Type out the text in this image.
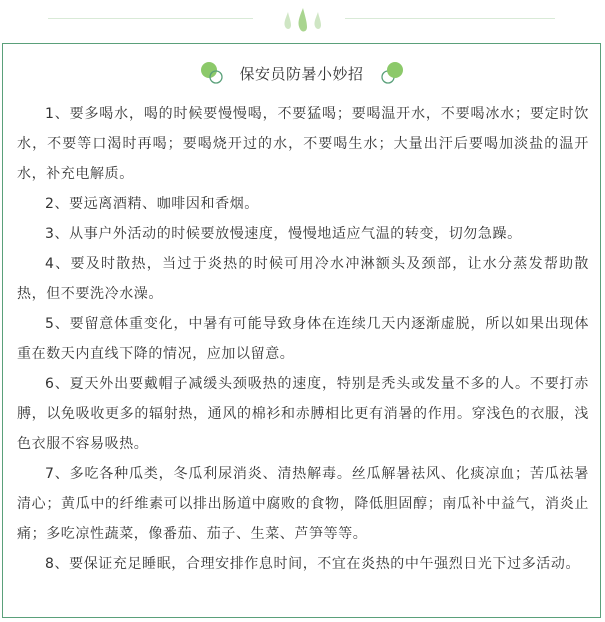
保安员防暑小妙招

1、要多喝水，喝的时候要慢慢喝，不要猛喝；要喝温开水，不要喝冰水；要定时饮水，不要等口渴时再喝；要喝烧开过的水，不要喝生水；大量出汗后要喝加淡盐的温开水，补充电解质。

2、要远离酒精、咖啡因和香烟。

3、从事户外活动的时候要放慢速度，慢慢地适应气温的转变，切勿急躁。

4、要及时散热，当过于炎热的时候可用冷水冲淋额头及颈部，让水分蒸发帮助散热，但不要洗冷水澡。

5、要留意体重变化，中暑有可能导致身体在连续几天内逐渐虚脱，所以如果出现体重在数天内直线下降的情况，应加以留意。

6、夏天外出要戴帽子减缓头颈吸热的速度，特别是秃头或发量不多的人。不要打赤膊，以免吸收更多的辐射热，通风的棉衫和赤膊相比更有消暑的作用。穿浅色的衣服，浅色衣服不容易吸热。

7、多吃各种瓜类，冬瓜利尿消炎、清热解毒。丝瓜解暑祛风、化痰凉血；苦瓜祛暑清心；黄瓜中的纤维素可以排出肠道中腐败的食物，降低胆固醇；南瓜补中益气，消炎止痛；多吃凉性蔬菜，像番茄、茄子、生菜、芦笋等等。

8、要保证充足睡眠，合理安排作息时间，不宜在炎热的中午强烈日光下过多活动。
